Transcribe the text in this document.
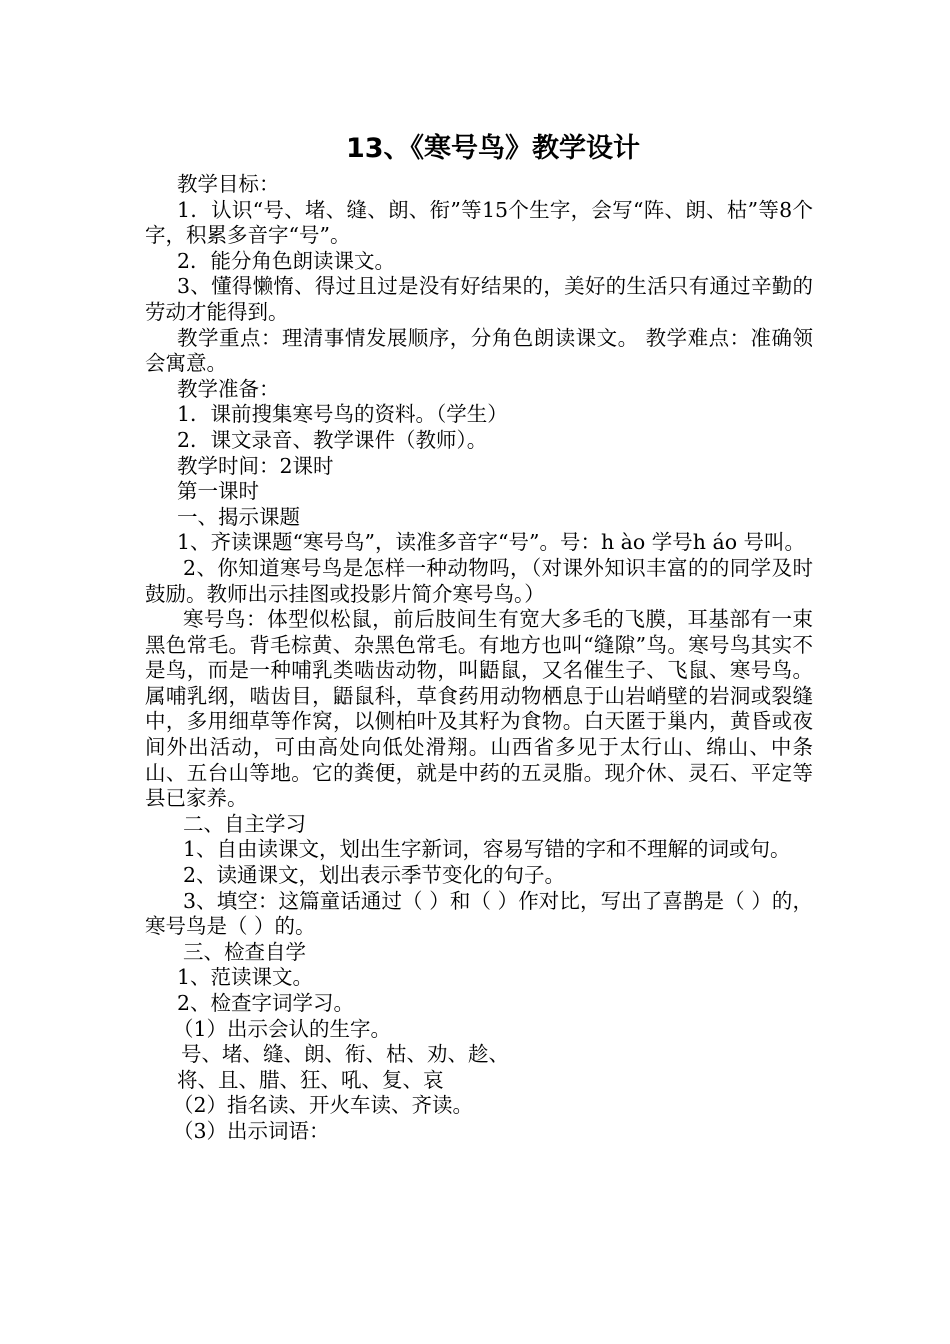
13、《寒号鸟》教学设计

教学目标：

1．认识“号、堵、缝、朗、衔”等15个生字，会写“阵、朗、枯”等8个字，积累多音字“号”。

2．能分角色朗读课文。

3、懂得懒惰、得过且过是没有好结果的，美好的生活只有通过辛勤的劳动才能得到。

教学重点：理清事情发展顺序，分角色朗读课文。 教学难点：准确领会寓意。

教学准备：

1．课前搜集寒号鸟的资料。（学生）

2．课文录音、教学课件（教师）。

教学时间：2课时

第一课时

一、揭示课题

1、齐读课题“寒号鸟”，读准多音字“号”。号：h ào 学号h áo 号叫。

2、你知道寒号鸟是怎样一种动物吗，（对课外知识丰富的的同学及时鼓励。教师出示挂图或投影片简介寒号鸟。）

寒号鸟：体型似松鼠，前后肢间生有宽大多毛的飞膜，耳基部有一束黑色常毛。背毛棕黄、杂黑色常毛。有地方也叫“缝隙”鸟。寒号鸟其实不是鸟，而是一种哺乳类啮齿动物，叫鼯鼠，又名催生子、飞鼠、寒号鸟。属哺乳纲，啮齿目，鼯鼠科，草食药用动物栖息于山岩峭壁的岩洞或裂缝中，多用细草等作窝，以侧柏叶及其籽为食物。白天匿于巢内，黄昏或夜间外出活动，可由高处向低处滑翔。山西省多见于太行山、绵山、中条山、五台山等地。它的粪便，就是中药的五灵脂。现介休、灵石、平定等县已家养。

二、自主学习

1、自由读课文，划出生字新词，容易写错的字和不理解的词或句。

2、读通课文，划出表示季节变化的句子。

3、填空：这篇童话通过（ ）和（ ）作对比，写出了喜鹊是（ ）的，寒号鸟是（ ）的。

三、检查自学

1、范读课文。

2、检查字词学习。

（1）出示会认的生字。

号、堵、缝、朗、衔、枯、劝、趁、

将、且、腊、狂、吼、复、哀

（2）指名读、开火车读、齐读。

（3）出示词语：
